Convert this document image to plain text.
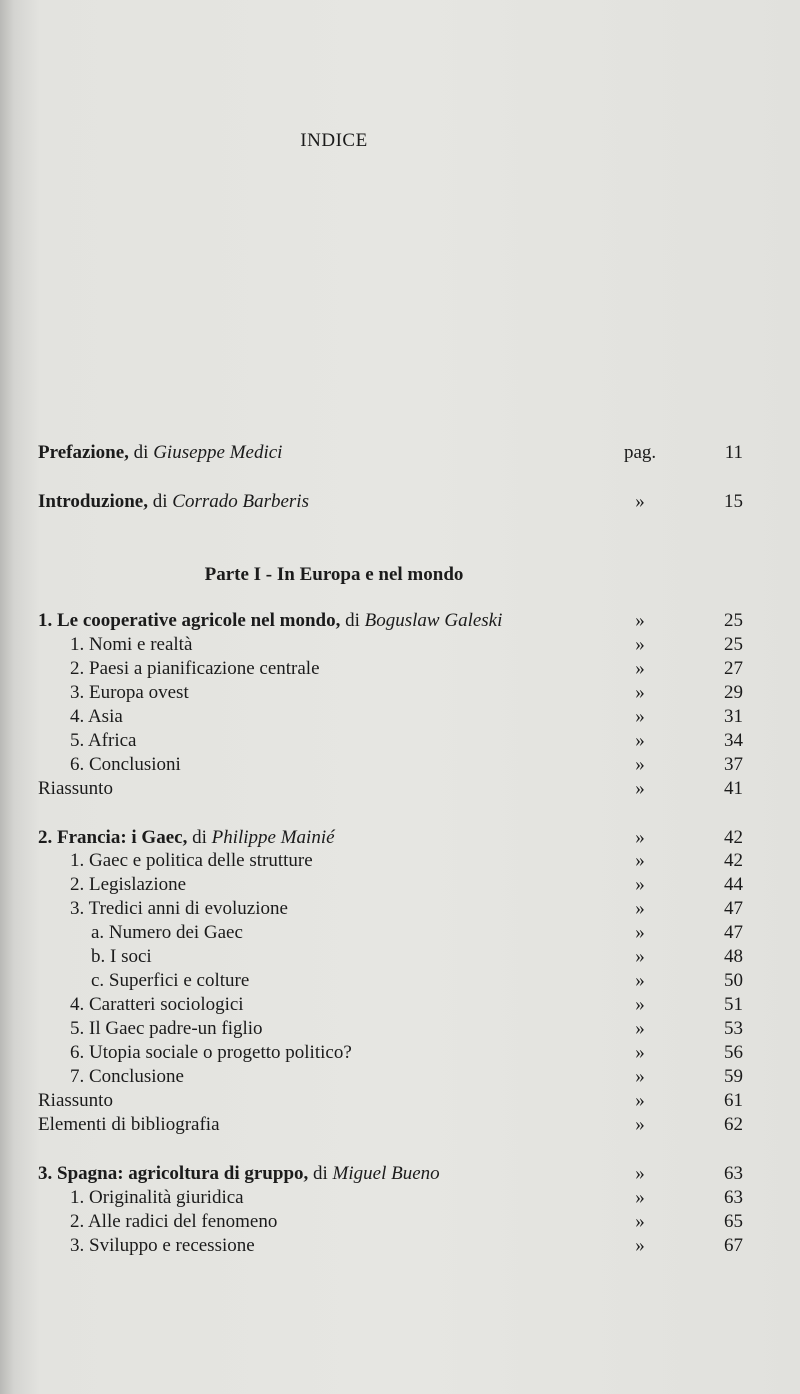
INDICE
Prefazione, di Giuseppe Medici	pag.	11
Introduzione, di Corrado Barberis	»	15
Parte I - In Europa e nel mondo
1. Le cooperative agricole nel mondo, di Boguslaw Galeski	»	25
1. Nomi e realtà	»	25
2. Paesi a pianificazione centrale	»	27
3. Europa ovest	»	29
4. Asia	»	31
5. Africa	»	34
6. Conclusioni	»	37
Riassunto	»	41
2. Francia: i Gaec, di Philippe Mainié	»	42
1. Gaec e politica delle strutture	»	42
2. Legislazione	»	44
3. Tredici anni di evoluzione	»	47
a. Numero dei Gaec	»	47
b. I soci	»	48
c. Superfici e colture	»	50
4. Caratteri sociologici	»	51
5. Il Gaec padre-un figlio	»	53
6. Utopia sociale o progetto politico?	»	56
7. Conclusione	»	59
Riassunto	»	61
Elementi di bibliografia	»	62
3. Spagna: agricoltura di gruppo, di Miguel Bueno	»	63
1. Originalità giuridica	»	63
2. Alle radici del fenomeno	»	65
3. Sviluppo e recessione	»	67
